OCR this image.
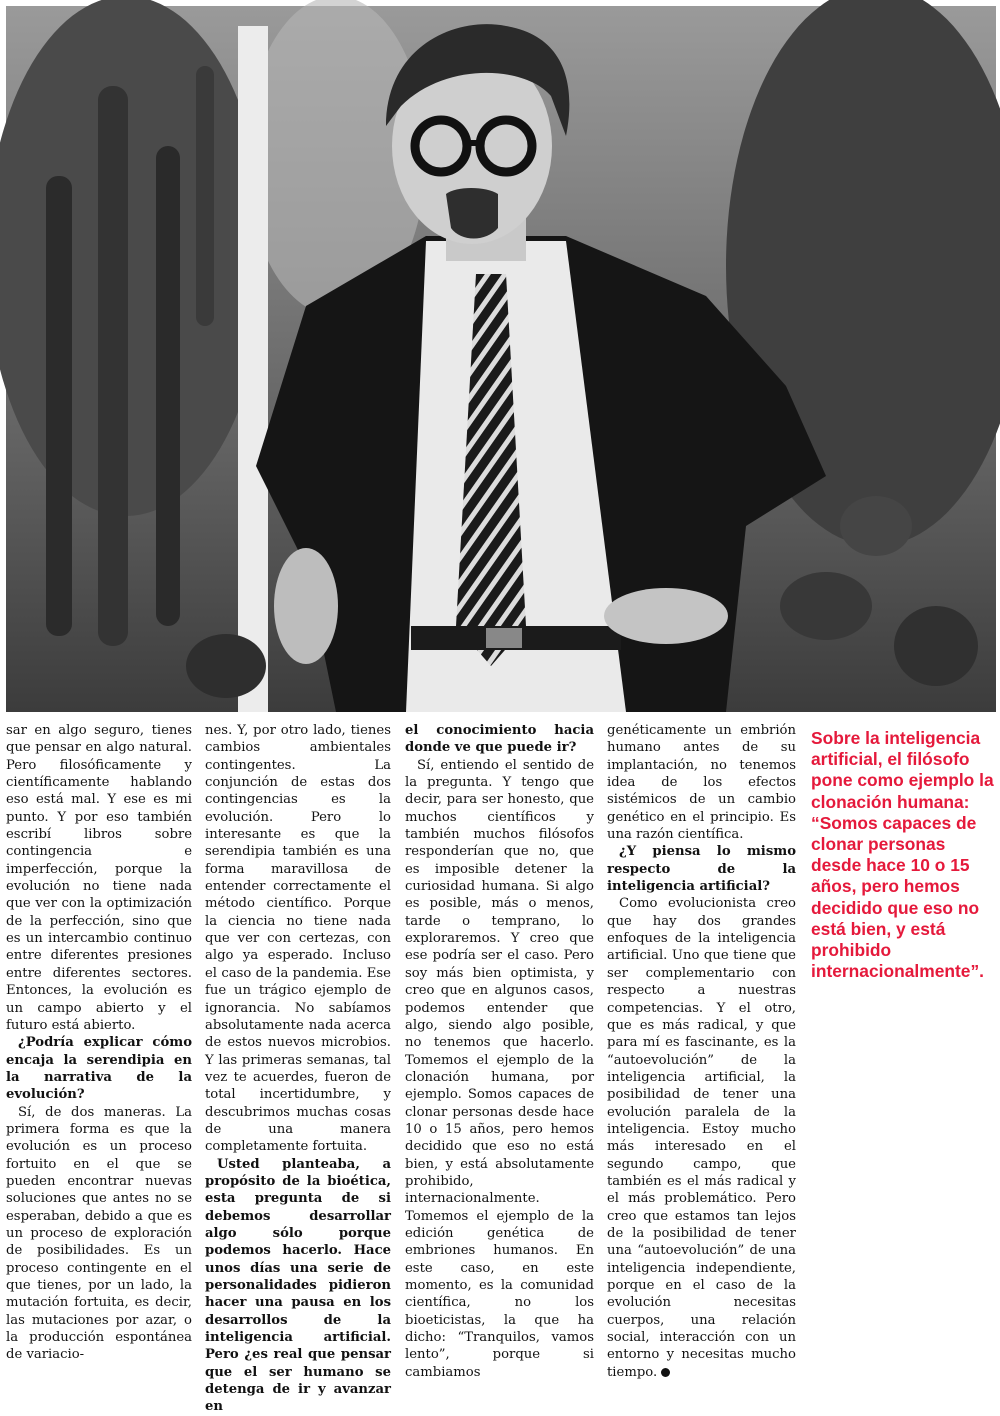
sar en algo seguro, tienes que pensar en algo natural. Pero filosóficamente y científicamente hablando eso está mal. Y ese es mi punto. Y por eso también escribí libros sobre contingencia e imperfección, porque la evolución no tiene nada que ver con la optimización de la perfección, sino que es un intercambio continuo entre diferentes presiones entre diferentes sectores. Entonces, la evolución es un campo abierto y el futuro está abierto.

¿Podría explicar cómo encaja la serendipia en la narrativa de la evolución?

Sí, de dos maneras. La primera forma es que la evolución es un proceso fortuito en el que se pueden encontrar nuevas soluciones que antes no se esperaban, debido a que es un proceso de exploración de posibilidades. Es un proceso contingente en el que tienes, por un lado, la mutación fortuita, es decir, las mutaciones por azar, o la producción espontánea de variacio-

nes. Y, por otro lado, tienes cambios ambientales contingentes. La conjunción de estas dos contingencias es la evolución. Pero lo interesante es que la serendipia también es una forma maravillosa de entender correctamente el método científico. Porque la ciencia no tiene nada que ver con certezas, con algo ya esperado. Incluso el caso de la pandemia. Ese fue un trágico ejemplo de ignorancia. No sabíamos absolutamente nada acerca de estos nuevos microbios. Y las primeras semanas, tal vez te acuerdes, fueron de total incertidumbre, y descubrimos muchas cosas de una manera completamente fortuita.

Usted planteaba, a propósito de la bioética, esta pregunta de si debemos desarrollar algo sólo porque podemos hacerlo. Hace unos días una serie de personalidades pidieron hacer una pausa en los desarrollos de la inteligencia artificial. Pero ¿es real que pensar que el ser humano se detenga de ir y avanzar en

el conocimiento hacia donde ve que puede ir?

Sí, entiendo el sentido de la pregunta. Y tengo que decir, para ser honesto, que muchos científicos y también muchos filósofos responderían que no, que es imposible detener la curiosidad humana. Si algo es posible, más o menos, tarde o temprano, lo exploraremos. Y creo que ese podría ser el caso. Pero soy más bien optimista, y creo que en algunos casos, podemos entender que algo, siendo algo posible, no tenemos que hacerlo. Tomemos el ejemplo de la clonación humana, por ejemplo. Somos capaces de clonar personas desde hace 10 o 15 años, pero hemos decidido que eso no está bien, y está absolutamente prohibido, internacionalmente. Tomemos el ejemplo de la edición genética de embriones humanos. En este caso, en este momento, es la comunidad científica, no los bioeticistas, la que ha dicho: “Tranquilos, vamos lento”, porque si cambiamos

genéticamente un embrión humano antes de su implantación, no tenemos idea de los efectos sistémicos de un cambio genético en el principio. Es una razón científica.

¿Y piensa lo mismo respecto de la inteligencia artificial?

Como evolucionista creo que hay dos grandes enfoques de la inteligencia artificial. Uno que tiene que ser complementario con respecto a nuestras competencias. Y el otro, que es más radical, y que para mí es fascinante, es la “autoevolución” de la inteligencia artificial, la posibilidad de tener una evolución paralela de la inteligencia. Estoy mucho más interesado en el segundo campo, que también es el más radical y el más problemático. Pero creo que estamos tan lejos de la posibilidad de tener una “autoevolución” de una inteligencia independiente, porque en el caso de la evolución necesitas cuerpos, una relación social, interacción con un entorno y necesitas mucho tiempo.

Sobre la inteligencia artificial, el filósofo pone como ejemplo la clonación humana: “Somos capaces de clonar personas desde hace 10 o 15 años, pero hemos decidido que eso no está bien, y está prohibido internacionalmente”.
